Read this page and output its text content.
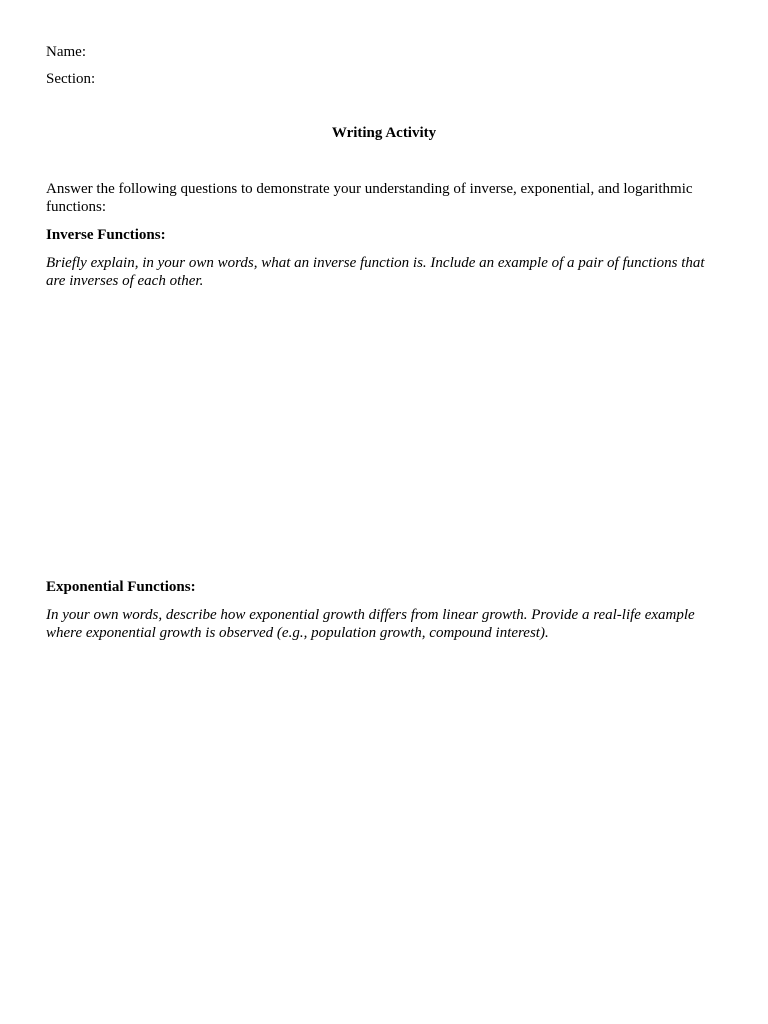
Name:

Section:

Writing Activity

Answer the following questions to demonstrate your understanding of inverse, exponential, and logarithmic functions:

Inverse Functions:

Briefly explain, in your own words, what an inverse function is. Include an example of a pair of functions that are inverses of each other.

Exponential Functions:

In your own words, describe how exponential growth differs from linear growth. Provide a real-life example where exponential growth is observed (e.g., population growth, compound interest).
